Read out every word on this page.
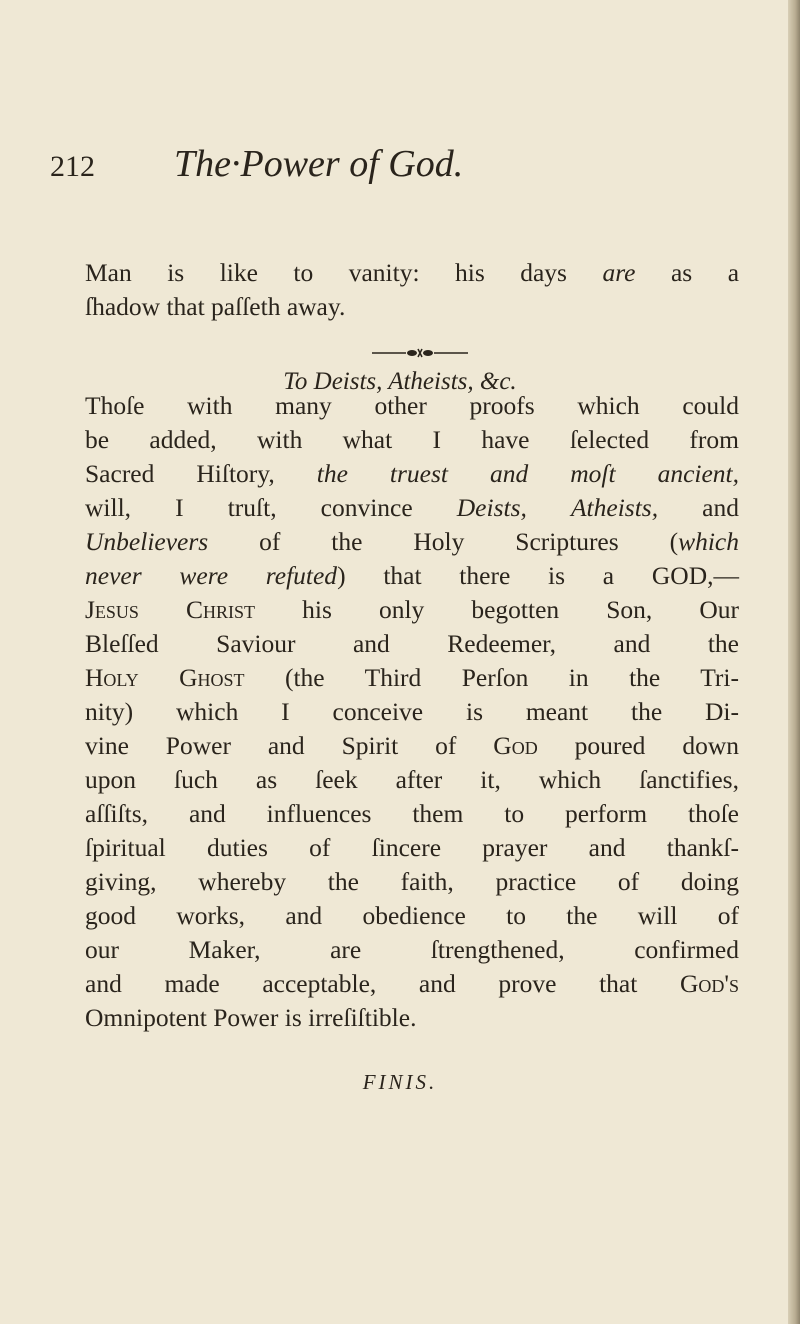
212 The·Power of God.
Man is like to vanity: his days are as a
ſhadow that paſſeth away.
To Deists, Atheists, &c.
Thoſe with many other proofs which could
be added, with what I have ſelected from
Sacred Hiſtory, the truest and moſt ancient,
will, I truſt, convince Deists, Atheists, and
Unbelievers of the Holy Scriptures (which
never were refuted) that there is a GOD,—
Jesus Christ his only begotten Son, Our
Bleſſed Saviour and Redeemer, and the
Holy Ghost (the Third Perſon in the Tri-
nity) which I conceive is meant the Di-
vine Power and Spirit of God poured down
upon ſuch as ſeek after it, which ſanctifies,
aſſiſts, and influences them to perform thoſe
ſpiritual duties of ſincere prayer and thankſ-
giving, whereby the faith, practice of doing
good works, and obedience to the will of
our Maker, are ſtrengthened, confirmed
and made acceptable, and prove that God's
Omnipotent Power is irreſiſtible.
FINIS.
